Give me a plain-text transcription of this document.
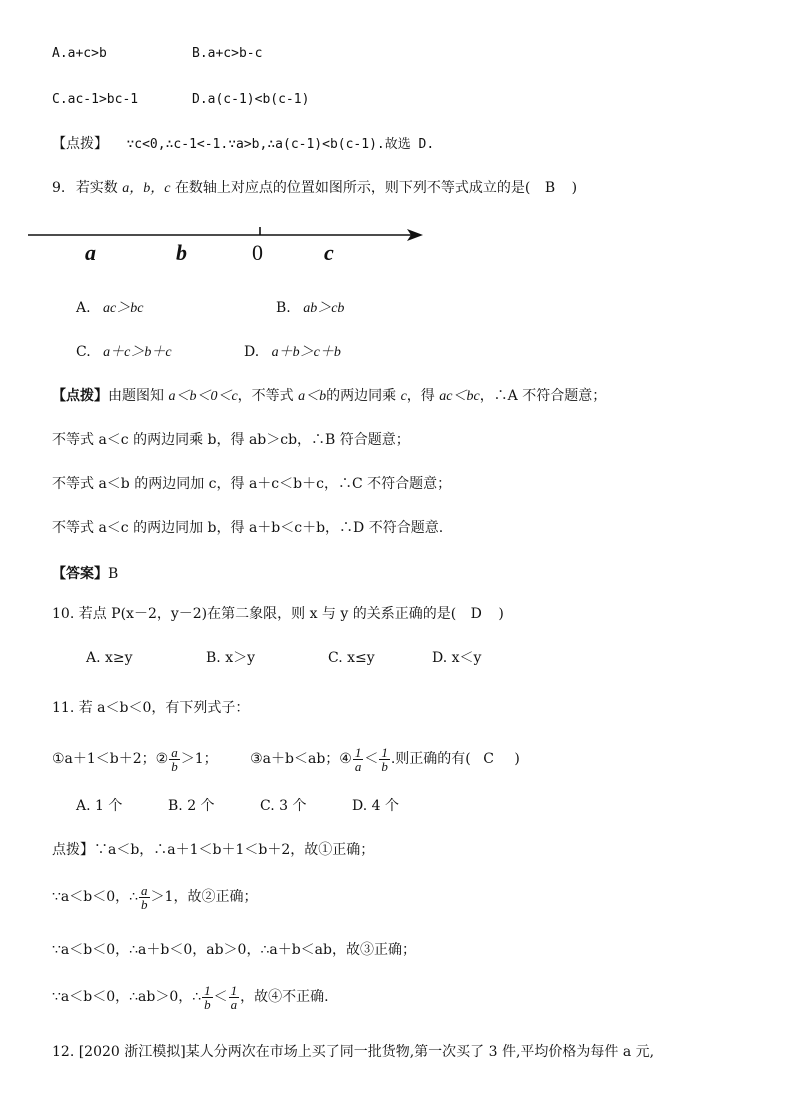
A.a+c>b	B.a+c>b-c
C.ac-1>bc-1	D.a(c-1)<b(c-1)
【点拨】 ∵c<0,∴c-1<-1.∵a>b,∴a(c-1)<b(c-1).故选 D.
9. 若实数 a，b，c 在数轴上对应点的位置如图所示，则下列不等式成立的是( B )
a	b	0	c
A. ac＞bc	B. ab＞cb
C. a＋c＞b＋c	D. a＋b＞c＋b
【点拨】由题图知 a＜b＜0＜c，不等式 a＜b的两边同乘 c，得 ac＜bc，∴A 不符合题意；
不等式 a＜c 的两边同乘 b，得 ab＞cb，∴B 符合题意；
不等式 a＜b 的两边同加 c，得 a＋c＜b＋c，∴C 不符合题意；
不等式 a＜c 的两边同加 b，得 a＋b＜c＋b，∴D 不符合题意.
【答案】B
10. 若点 P(x－2，y－2)在第二象限，则 x 与 y 的关系正确的是( D )
A. x≥y	B. x＞y	C. x≤y	D. x＜y
11. 若 a＜b＜0，有下列式子：
①a＋1＜b＋2；② $\frac{a}{b} >1$； ③a＋b＜ab；④ $\frac{1}{a} < \frac{1}{b}$ .则正确的有( C )
A. 1 个	B. 2 个	C. 3 个	D. 4 个
点拨】∵a＜b，∴a＋1＜b＋1＜b＋2，故①正确；
∵a＜b＜0，∴ $\frac{a}{b} >1$，故②正确；
∵a＜b＜0，∴a＋b＜0，ab＞0，∴a＋b＜ab，故③正确；
∵a＜b＜0，∴ab＞0，∴ $\frac{1}{b} < \frac{1}{a}$ ，故④不正确.
12. [2020 浙江模拟]某人分两次在市场上买了同一批货物,第一次买了 3 件,平均价格为每件 a 元,
